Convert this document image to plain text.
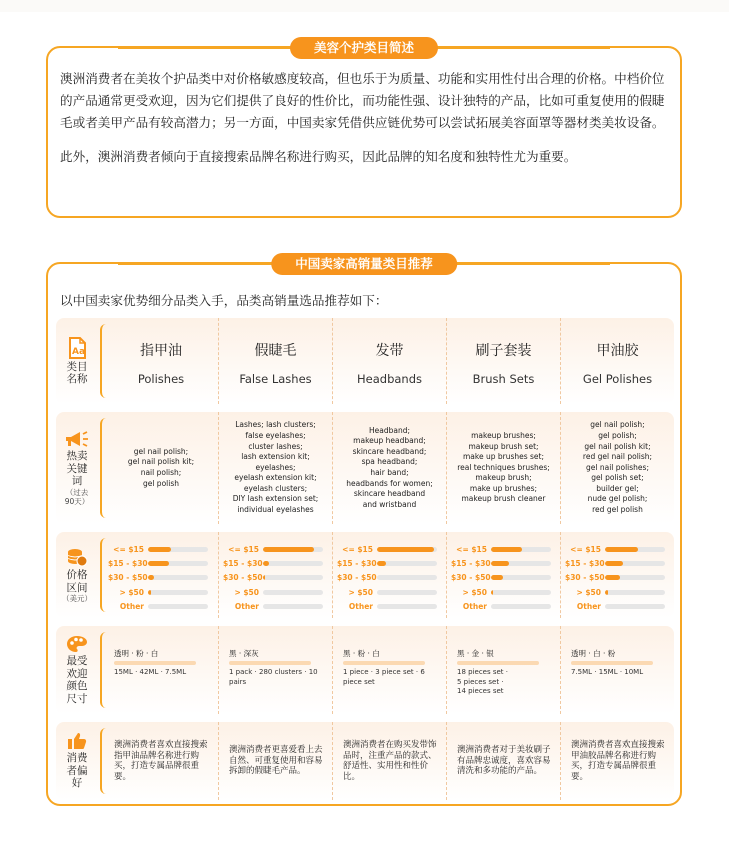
美容个护类目简述

澳洲消费者在美妆个护品类中对价格敏感度较高，但也乐于为质量、功能和实用性付出合理的价格。中档价位的产品通常更受欢迎，因为它们提供了良好的性价比，而功能性强、设计独特的产品，比如可重复使用的假睫毛或者美甲产品有较高潜力；另一方面，中国卖家凭借供应链优势可以尝试拓展美容面罩等器材类美妆设备。

此外，澳洲消费者倾向于直接搜索品牌名称进行购买，因此品牌的知名度和独特性尤为重要。

中国卖家高销量类目推荐
以中国卖家优势细分品类入手，品类高销量选品推荐如下：
Aa
类目
名称
指甲油
Polishes
假睫毛
False Lashes
发带
Headbands
刷子套装
Brush Sets
甲油胶
Gel Polishes
热卖
关键
词
（过去
90天）
gel nail polish;
gel nail polish kit;
nail polish;
gel polish
Lashes; lash clusters;
false eyelashes;
cluster lashes;
lash extension kit;
eyelashes;
eyelash extension kit;
eyelash clusters;
DIY lash extension set;
individual eyelashes
Headband;
makeup headband;
skincare headband;
spa headband;
hair band;
headbands for women;
skincare headband
and wristband
makeup brushes;
makeup brush set;
make up brushes set;
real techniques brushes;
makeup brush;
make up brushes;
makeup brush cleaner
gel nail polish;
gel polish;
gel nail polish kit;
red gel nail polish;
gel nail polishes;
gel polish set;
builder gel;
nude gel polish;
red gel polish
价格
区间
（美元）
<= $15
$15 - $30
$30 - $50
> $50
Other
<= $15
$15 - $30
$30 - $50
> $50
Other
<= $15
$15 - $30
$30 - $50
> $50
Other
<= $15
$15 - $30
$30 - $50
> $50
Other
<= $15
$15 - $30
$30 - $50
> $50
Other
最受
欢迎
颜色
尺寸
透明 · 粉 · 白
15ML · 42ML · 7.5ML
黑 · 深灰
1 pack · 280 clusters · 10 pairs
黑 · 粉 · 白
1 piece · 3 piece set · 6 piece set
黑 · 金 · 银
18 pieces set ·
5 pieces set ·
14 pieces set
透明 · 白 · 粉
7.5ML · 15ML · 10ML
消费
者偏
好
澳洲消费者喜欢直接搜索指甲油品牌名称进行购买，打造专属品牌很重要。
澳洲消费者更喜爱看上去自然、可重复使用和容易拆卸的假睫毛产品。
澳洲消费者在购买发带饰品时，注重产品的款式、舒适性、实用性和性价比。
澳洲消费者对于美妆刷子有品牌忠诚度，喜欢容易清洗和多功能的产品。
澳洲消费者喜欢直接搜索甲油胶品牌名称进行购买，打造专属品牌很重要。
